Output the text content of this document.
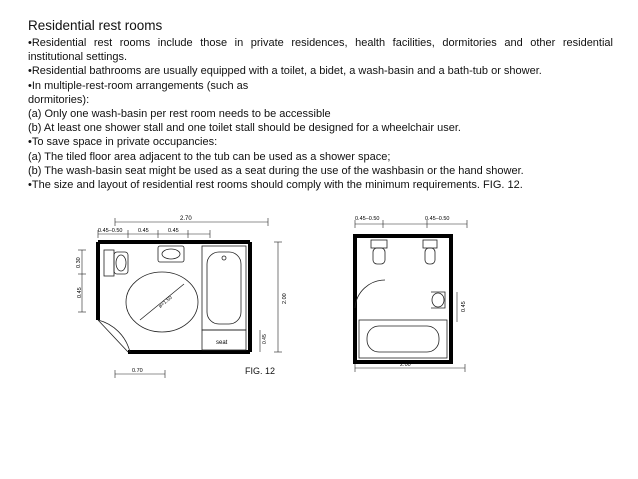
Residential rest rooms

•Residential rest rooms include those in private residences, health facilities, dormitories and other residential

institutional settings.

•Residential bathrooms are usually equipped with a toilet, a bidet, a wash-basin and a bath-tub or shower.

•In multiple-rest-room arrangements (such as

dormitories):

(a) Only one wash-basin per rest room needs to be accessible

(b) At least one shower stall and one toilet stall should be designed for a wheelchair user.

•To save space in private occupancies:

(a) The tiled floor area adjacent to the tub can be used as a shower space;

(b) The wash-basin seat might be used as a seat during the use of the washbasin or the hand shower.

•The size and layout of residential rest rooms should comply with the minimum requirements. FIG. 12.

2.70
0.45–0.50	0.45	0.45
0.30
0.45
2.00
0.45
0.70
ø=1.50
seat
0.45–0.50	0.45–0.50
0.45
2.00
FIG. 12
